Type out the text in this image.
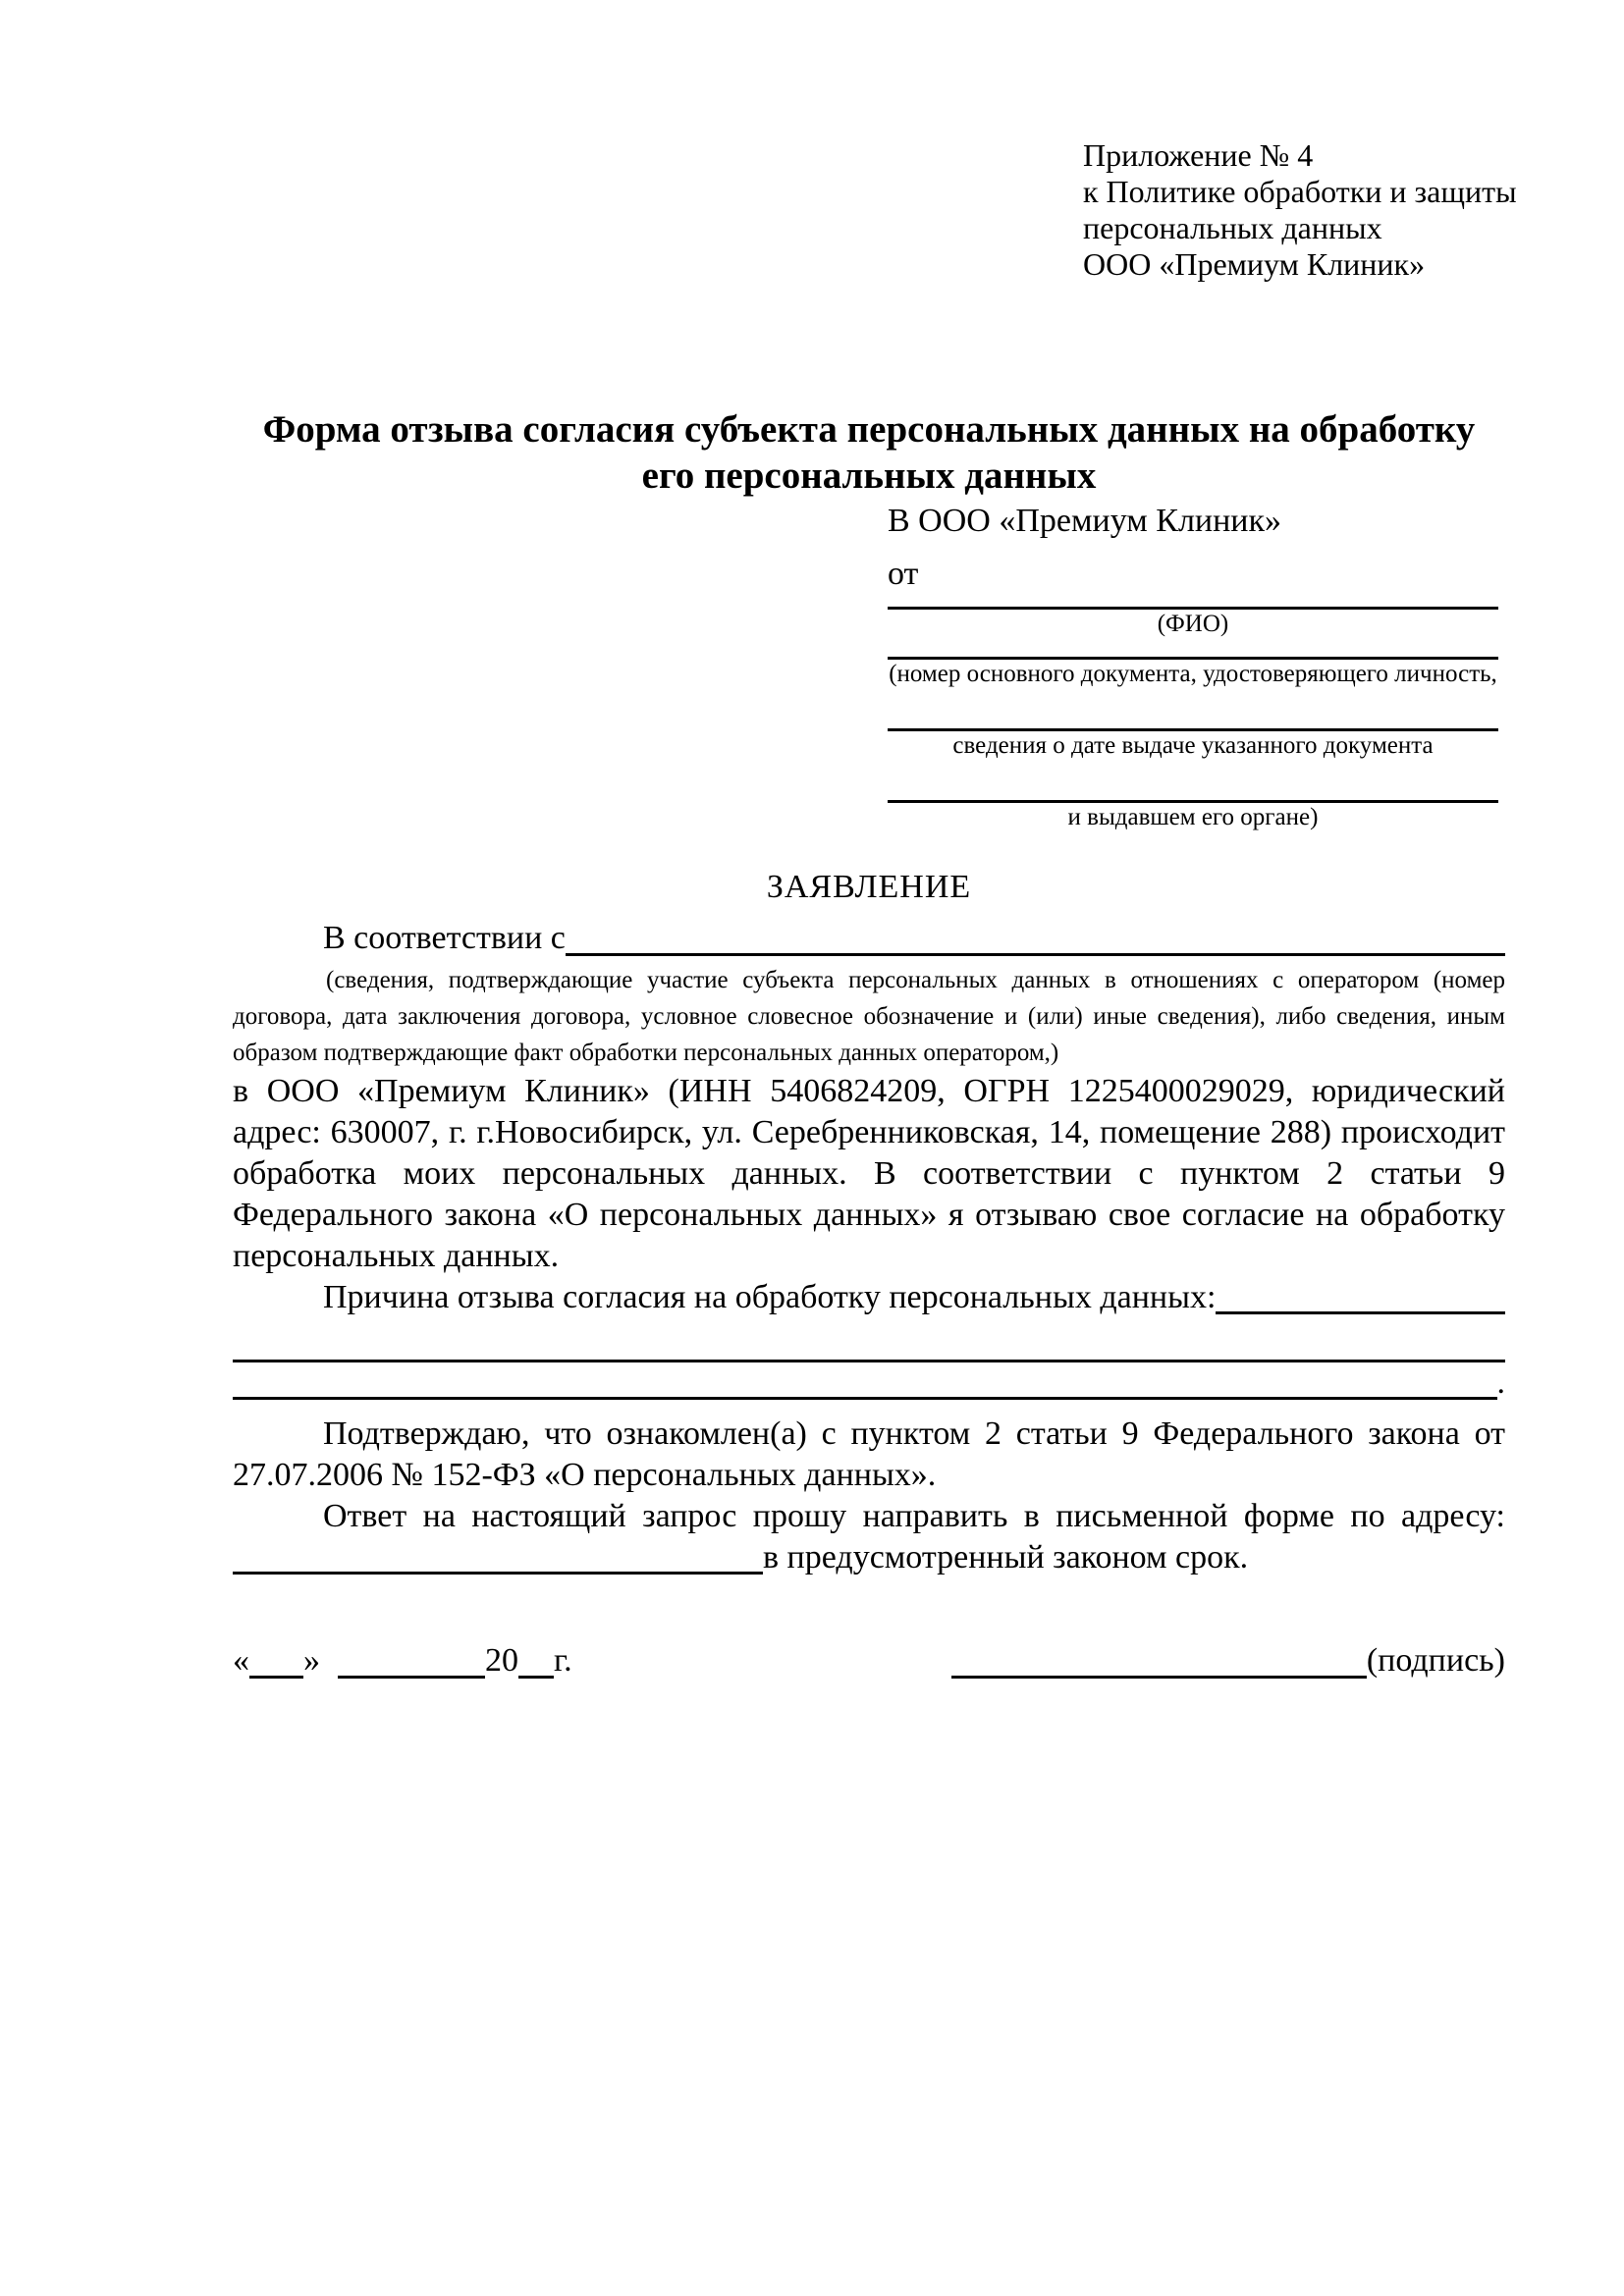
Приложение № 4
к Политике обработки и защиты
персональных данных
ООО «Премиум Клиник»
Форма отзыва согласия субъекта персональных данных на обработку его персональных данных
В ООО «Премиум Клиник»
от
(ФИО)
(номер основного документа, удостоверяющего личность,
сведения о дате выдаче указанного документа
и выдавшем его органе)
ЗАЯВЛЕНИЕ
В соответствии с
(сведения, подтверждающие участие субъекта персональных данных в отношениях с оператором (номер договора, дата заключения договора, условное словесное обозначение и (или) иные сведения), либо сведения, иным образом подтверждающие факт обработки персональных данных оператором,)
в ООО «Премиум Клиник» (ИНН 5406824209, ОГРН 1225400029029, юридический адрес: 630007, г. г.Новосибирск, ул. Серебренниковская, 14, помещение 288) происходит обработка моих персональных данных. В соответствии с пунктом 2 статьи 9 Федерального закона «О персональных данных» я отзываю свое согласие на обработку персональных данных.
Причина отзыва согласия на обработку персональных данных:
.
Подтверждаю, что ознакомлен(а) с пунктом 2 статьи 9 Федерального закона от 27.07.2006 № 152-ФЗ «О персональных данных».
Ответ на настоящий запрос прошу направить в письменной форме по адресу:
в предусмотренный законом срок.
« »	20 г.	(подпись)
